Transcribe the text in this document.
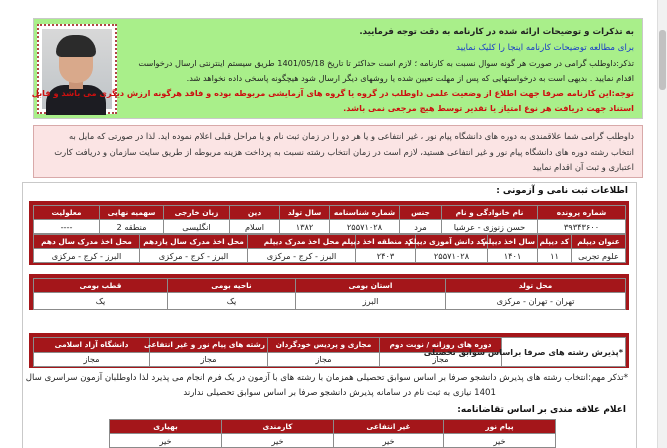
به تذکرات و توضیحات ارائه شده در کارنامه به دقت توجه فرمایید.
برای مطالعه توضیحات کارنامه اینجا را کلیک نمایید
تذکر:داوطلب گرامی در صورت هر گونه سوال نسبت به کارنامه ؛ لازم است حداکثر تا تاریخ 1401/05/18 طریق سیستم اینترنتی ارسال درخواست
اقدام نمایید . بدیهی است به درخواستهایی که پس از مهلت تعیین شده یا روشهای دیگر ارسال شود هیچگونه پاسخی داده نخواهد شد.
توجه:این کارنامه صرفا جهت اطلاع از وضعیت علمی داوطلب در گروه یا گروه های آزمایشی مربوطه بوده و فاقد هرگونه ارزش دیگری می باشد و قابل
استناد جهت دریافت هر نوع امتیاز یا تقدیر توسط هیچ مرجعی نمی باشد.
داوطلب گرامی شما علاقمندی به دوره های دانشگاه پیام نور ، غیر انتفاعی و یا هر دو را در زمان ثبت نام و یا مراحل قبلی اعلام نموده اید. لذا در صورتی که مایل به
انتخاب رشته دوره های دانشگاه پیام نور و غیر انتفاعی هستید، لازم است در زمان انتخاب رشته نسبت به پرداخت هزینه مربوطه از طریق سایت سازمان و دریافت کارت
اعتباری و ثبت آن اقدام نمایید
اطلاعات ثبت نامی و آزمونی :
شماره پرونده	نام خانوادگی و نام	جنس	شماره شناسنامه	سال تولد	دین	زبان خارجی	سهمیه نهایی	معلولیت
۳۹۳۴۳۶۰۰	حسن زنوزی - عرشیا	مرد	۲۵۵۷۱۰۲۸	۱۳۸۲	اسلام	انگلیسی	منطقه 2	----
عنوان دیپلم	کد دیپلم	سال اخذ دیپلم	کد دانش آموزی دیپلم	کد منطقه اخذ دیپلم	محل اخذ مدرک دیپلم	محل اخذ مدرک سال یازدهم	محل اخذ مدرک سال دهم
علوم تجربی	۱۱	۱۴۰۱	۲۵۵۷۱۰۲۸	۲۴۰۳	البرز - کرج - مرکزی	البرز - کرج - مرکزی	البرز - کرج - مرکزی
محل تولد	استان بومی	ناحیه بومی	قطب بومی
تهران - تهران - مرکزی	البرز	یک	یک
*پذیرش رشته های صرفا براساس سوابق تحصیلی	دوره های روزانه / نوبت دوم	مجازی و پردیس خودگردان	رشته های پیام نور و غیر انتفاعی	دانشگاه آزاد اسلامی
	مجاز	مجاز	مجاز	مجاز
*تذکر مهم:انتخاب رشته های پذیرش دانشجو صرفا بر اساس سوابق تحصیلی همزمان با رشته های با آزمون در یک فرم انجام می پذیرد لذا داوطلبان آزمون سراسری سال
1401 نیازی به ثبت نام در سامانه پذیرش دانشجو صرفا بر اساس سوابق تحصیلی ندارند
اعلام علاقه مندی بر اساس تقاضانامه:
پیام نور	غیر انتفاعی	کارمندی	بهیاری
خیر	خیر	خیر	خیر
